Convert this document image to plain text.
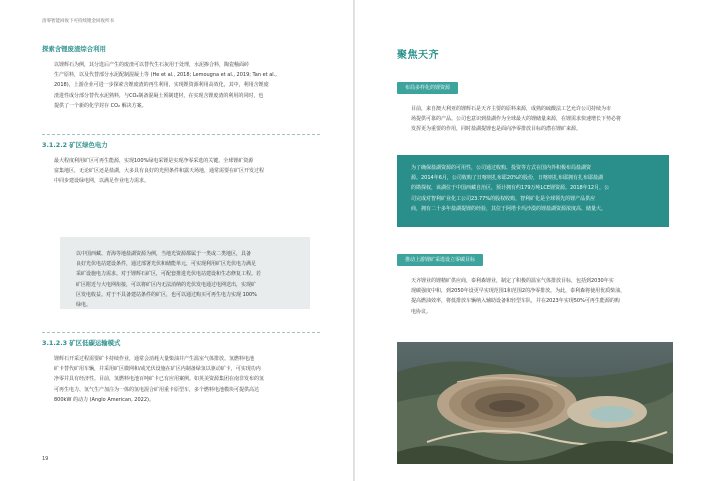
清零智能回收下可持续锂金回收所书
探索含锂废渣综合利用
以锂辉石为例，其分选后产生的废渣可以替代生石灰用于处理，水泥掺合料，陶瓷釉面砖
生产原料，以及代替部分水泥配制混凝土等 (He et al., 2018; Lemougna et al., 2019; Tan et al.,
2018)，上游企业可进一步探索含锂废渣的再生利用，实现锂资源利用高效化，其中，利用含锂废
渣进性成分部分替代水泥熟料，与CO₂制备混凝土预制建材，在实现含锂废渣的利用的同时，也
提供了一个新的化学封存 CO₂ 解决方案。
3.1.2.2 矿区绿色电力
最大程度利用矿区可再生能源，实现100%绿电采锂是实现净零采选的关键。全球锂矿资源
富集地区，无论矿区还是盐湖，大多具有良好的光照条件和露天场地，通常需要在矿区开发过程
中同步建设绿电网，以满足作业电力需求。
以中国西藏、青海等地盐湖资源为例，当地光资源都属于一类或二类地区，具备
良好光伏电站建设条件，通过部署光伏和储能单元，可实现利用矿区光伏电力满足
采矿设施电力需求。对于锂辉石矿区，可配套推进光伏电站建设和生态修复工程。若
矿区附近与大电网衔接，可以将矿区内无法消纳的光伏发电通过电网送出，实现矿
区发电收益。对于不具备建站条件的矿区，也可以通过购买可再生电力实现 100%
绿电。
3.1.2.3 矿区低碳运输模式
锂辉石开采过程需要矿卡持续作业，通常会消耗大量柴油并产生温室气体排放。氢燃料电池
矿卡替代矿用车辆，并采用矿区微网和/或光伏设施在矿区内制备绿氢以驱动矿卡，可实现功内
净零并具有经济性。目前，氢燃料电池百吨矿卡已有应用案例。如英美资源集团在南非发布的氢
可再生电力、氢气生产加注为一体的氢电混合矿用重卡原型车，多个燃料电池模块可提供高达
800kW 的动力 (Anglo American, 2022)。
19
聚焦天齐
布局多样化的锂资源
目前，来自澳大利亚的锂辉石是天齐主要的原料来源，成熟的硫酸法工艺允许公司持续为市
场提供可靠的产品。公司也意识到盐湖作为全球最大的锂储量来源，在锂需求快速增长下势必将
发挥更为重要的作用，同时盐湖提锂也是面向净零排放目标的潜在锂矿来源。
为了确保盐湖资源的可用性，公司通过收购、投资等方式在国内外积极布局盐湖资
源。2014年6月，公司收购了日喀则扎布耶20%的股份，日喀则扎布耶拥有扎布耶盐湖
的勘探权，该湖位于中国西藏自治区，预计拥有约179万吨LCE锂资源。2018年12月，公
司完成对智利矿业化工公司23.77%的股权收购，智利矿化是全球领先的锂产品供应
商，拥有二十多年盐湖提锂的经验，其位于阿塔卡玛沙漠的锂盐湖资源浓度高、储量大。
推动上游锂矿采选设立零碳目标
天齐锂业的锂精矿供应商，泰利森锂业，制定了积极的温室气体排放目标，包括到2030年实
现碳强度中和，到2050年设更早实现范围1和范围2的净零排放。为此，泰利森将使用优质柴油，
提高燃油效率，将低排放车辆纳入辅助设备和轻型车队，并在2023年实现50%可再生能源的购
电协议。
